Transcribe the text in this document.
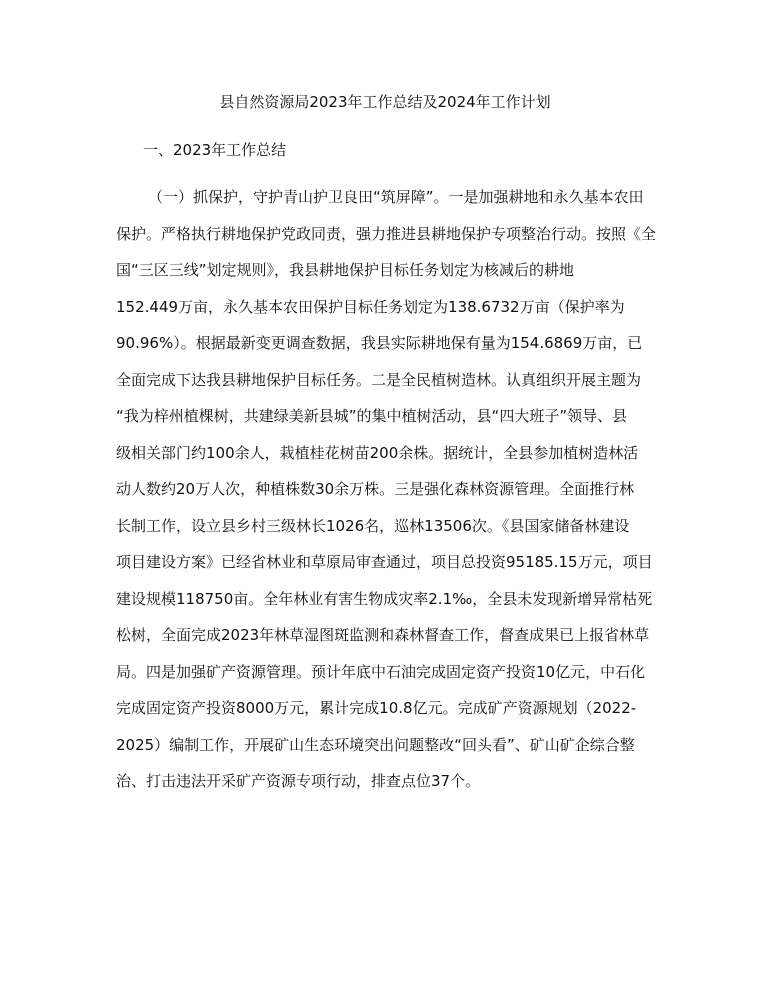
县自然资源局2023年工作总结及2024年工作计划
一、2023年工作总结
（一）抓保护，守护青山护卫良田“筑屏障”。一是加强耕地和永久基本农田
保护。严格执行耕地保护党政同责，强力推进县耕地保护专项整治行动。按照《全
国“三区三线”划定规则》，我县耕地保护目标任务划定为核减后的耕地
152.449万亩，永久基本农田保护目标任务划定为138.6732万亩（保护率为
90.96%）。根据最新变更调查数据，我县实际耕地保有量为154.6869万亩，已
全面完成下达我县耕地保护目标任务。二是全民植树造林。认真组织开展主题为
“我为梓州植棵树，共建绿美新县城”的集中植树活动，县“四大班子”领导、县
级相关部门约100余人，栽植桂花树苗200余株。据统计，全县参加植树造林活
动人数约20万人次，种植株数30余万株。三是强化森林资源管理。全面推行林
长制工作，设立县乡村三级林长1026名，巡林13506次。《县国家储备林建设
项目建设方案》已经省林业和草原局审查通过，项目总投资95185.15万元，项目
建设规模118750亩。全年林业有害生物成灾率2.1‰，全县未发现新增异常枯死
松树，全面完成2023年林草湿图斑监测和森林督查工作，督查成果已上报省林草
局。四是加强矿产资源管理。预计年底中石油完成固定资产投资10亿元，中石化
完成固定资产投资8000万元，累计完成10.8亿元。完成矿产资源规划（2022-
2025）编制工作，开展矿山生态环境突出问题整改“回头看”、矿山矿企综合整
治、打击违法开采矿产资源专项行动，排查点位37个。
